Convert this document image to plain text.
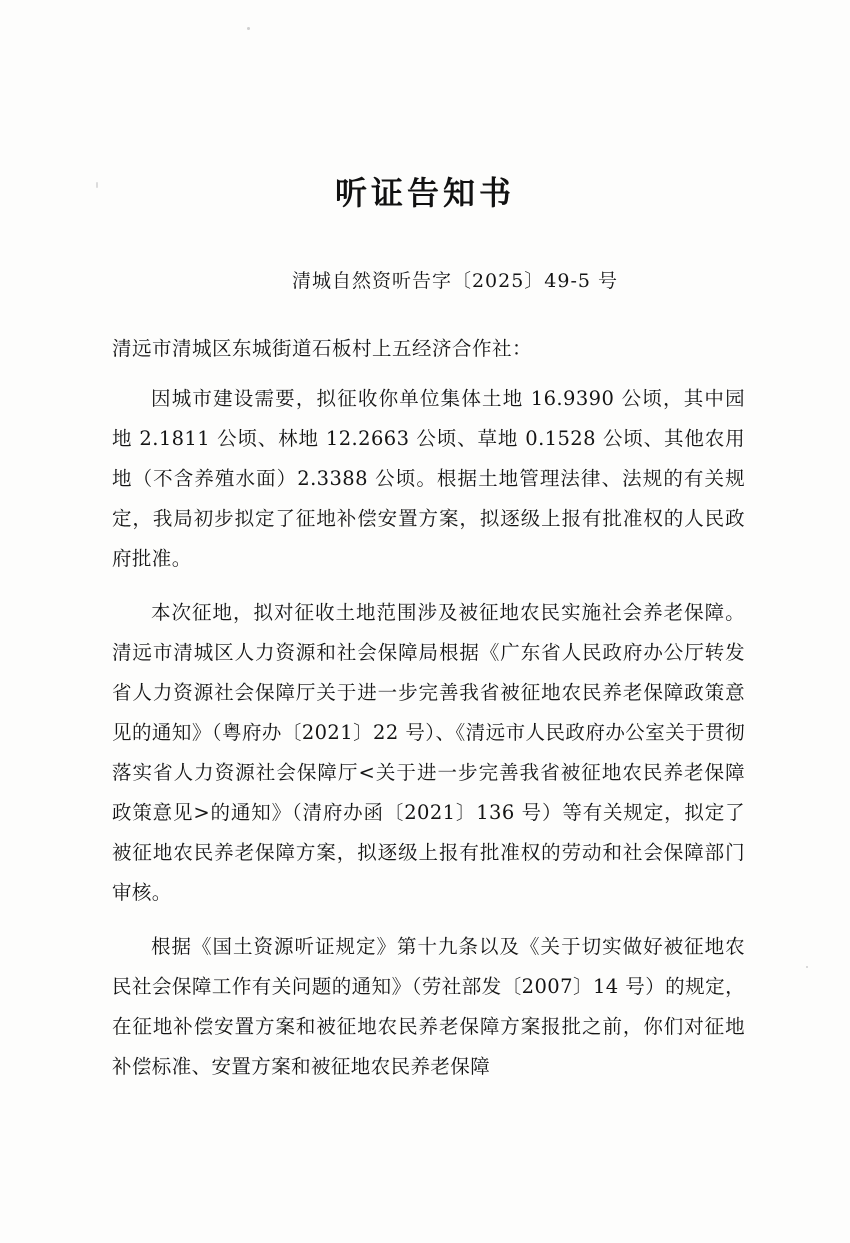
听证告知书
清城自然资听告字〔2025〕49-5 号
清远市清城区东城街道石板村上五经济合作社：

因城市建设需要，拟征收你单位集体土地 16.9390 公顷，其中园地 2.1811 公顷、林地 12.2663 公顷、草地 0.1528 公顷、其他农用地（不含养殖水面）2.3388 公顷。根据土地管理法律、法规的有关规定，我局初步拟定了征地补偿安置方案，拟逐级上报有批准权的人民政府批准。

本次征地，拟对征收土地范围涉及被征地农民实施社会养老保障。清远市清城区人力资源和社会保障局根据《广东省人民政府办公厅转发省人力资源社会保障厅关于进一步完善我省被征地农民养老保障政策意见的通知》（粤府办〔2021〕22 号）、《清远市人民政府办公室关于贯彻落实省人力资源社会保障厅<关于进一步完善我省被征地农民养老保障政策意见>的通知》（清府办函〔2021〕136 号）等有关规定，拟定了被征地农民养老保障方案，拟逐级上报有批准权的劳动和社会保障部门审核。

根据《国土资源听证规定》第十九条以及《关于切实做好被征地农民社会保障工作有关问题的通知》（劳社部发〔2007〕14 号）的规定，在征地补偿安置方案和被征地农民养老保障方案报批之前，你们对征地补偿标准、安置方案和被征地农民养老保障
